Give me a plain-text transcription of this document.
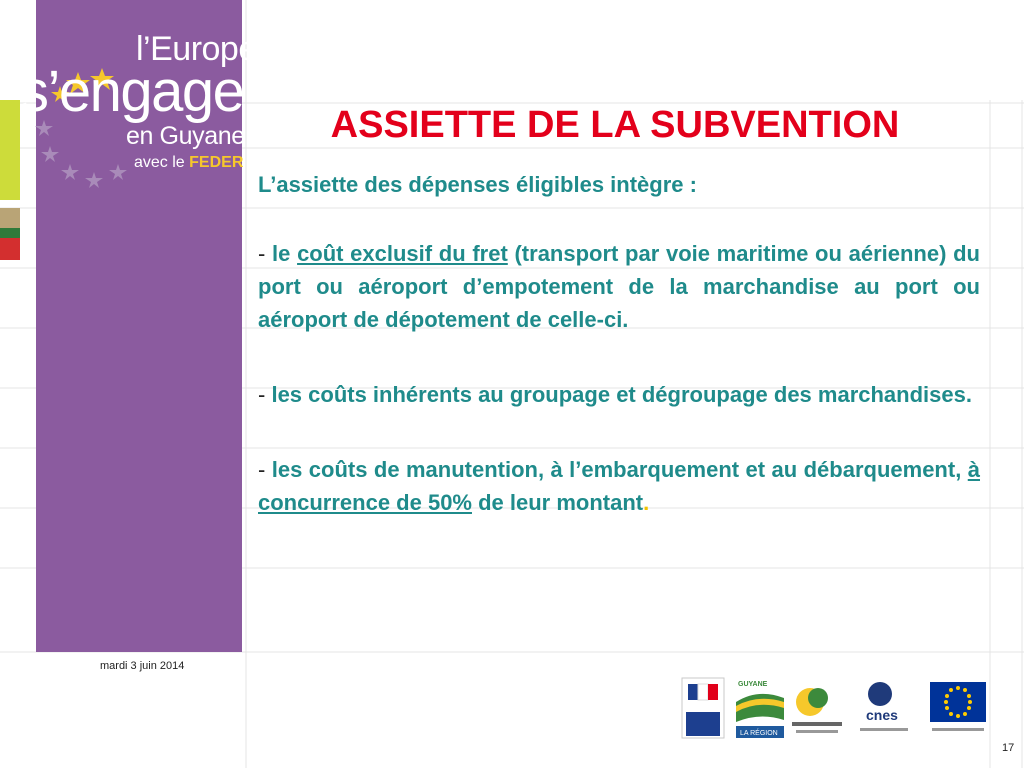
l’Europe
s’engage
en Guyane
avec le FEDER
ASSIETTE DE LA SUBVENTION

L’assiette des dépenses éligibles intègre :

- le coût exclusif du fret (transport par voie maritime ou aérienne) du port ou aéroport d’empotement de la marchandise au port ou aéroport de dépotement de celle-ci.

- les coûts inhérents au groupage et dégroupage des marchandises.

- les coûts de manutention, à l’embarquement et au débarquement, à concurrence de 50% de leur montant.

mardi 3 juin 2014
17
GUYANE
LA RÉGION
cnes
